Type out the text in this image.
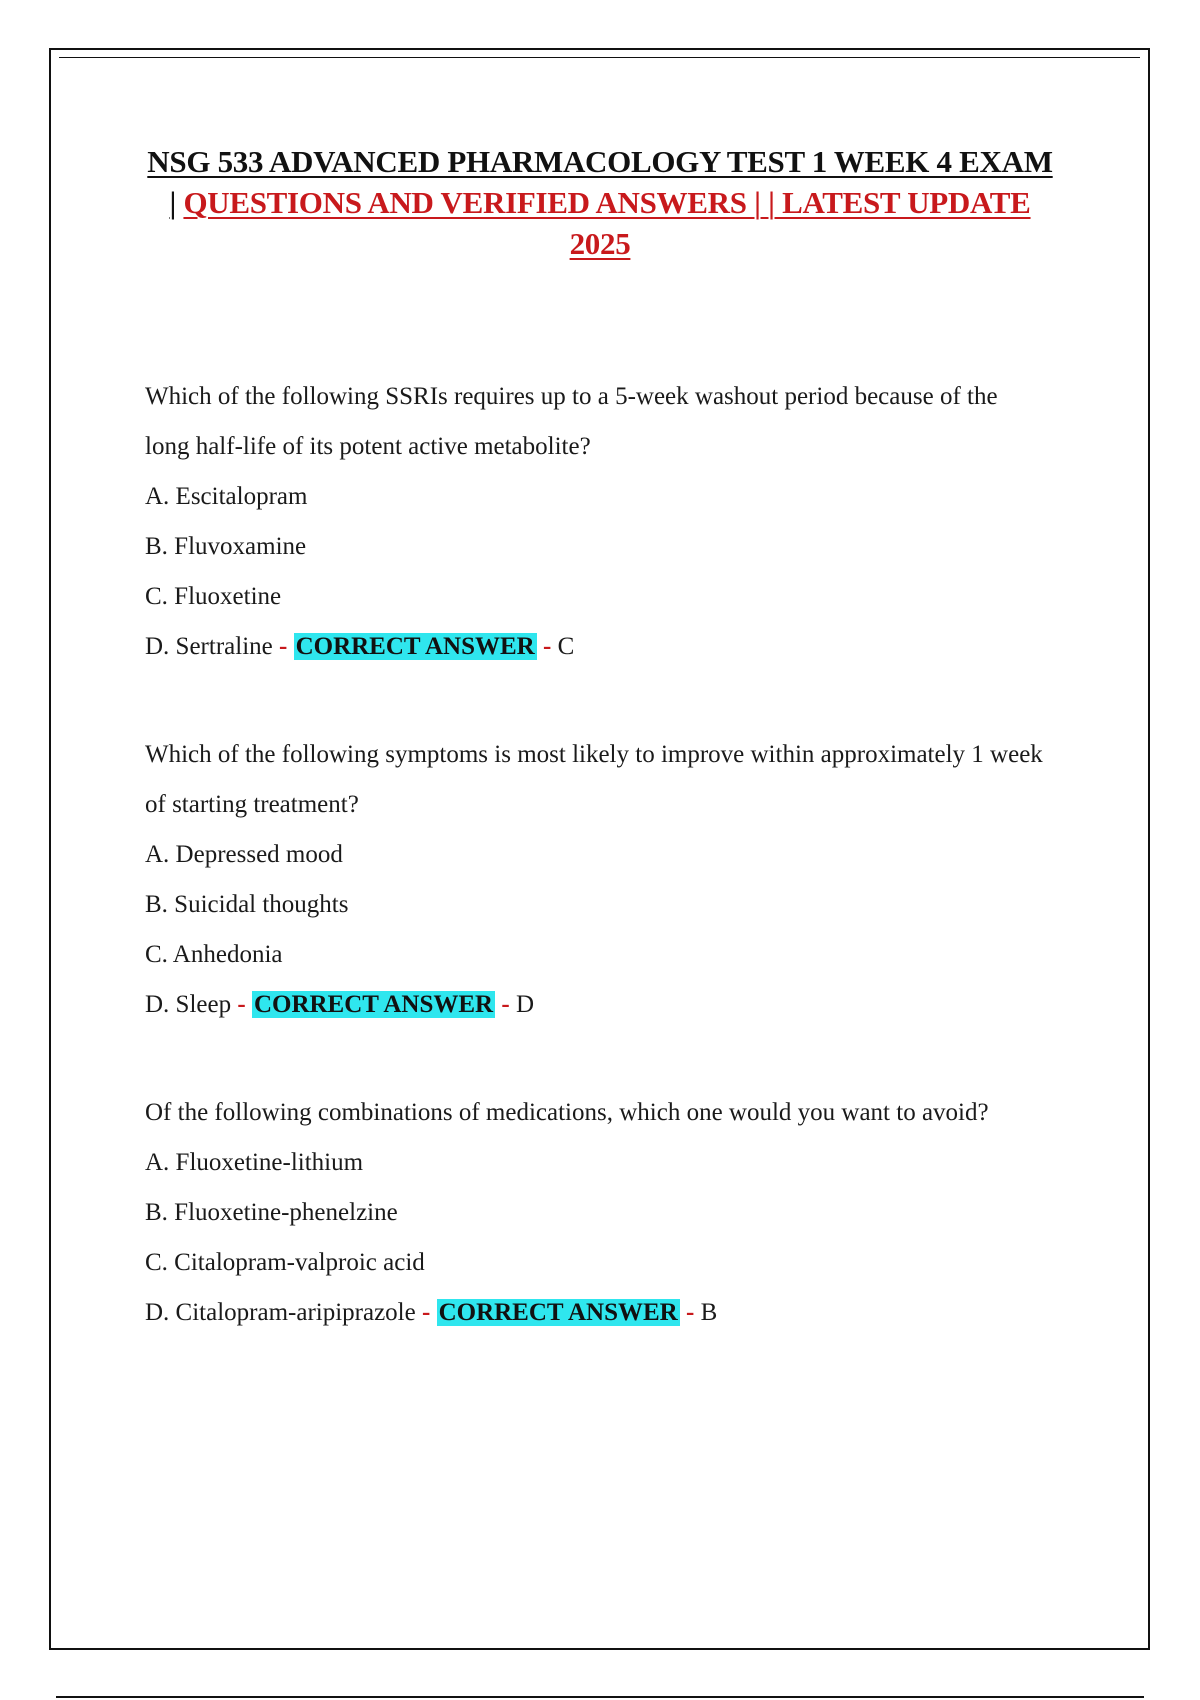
NSG 533 ADVANCED PHARMACOLOGY TEST 1 WEEK 4 EXAM | QUESTIONS AND VERIFIED ANSWERS | | LATEST UPDATE 2025

Which of the following SSRIs requires up to a 5-week washout period because of the

long half-life of its potent active metabolite?

A. Escitalopram

B. Fluvoxamine

C. Fluoxetine

D. Sertraline - CORRECT ANSWER - C

Which of the following symptoms is most likely to improve within approximately 1 week

of starting treatment?

A. Depressed mood

B. Suicidal thoughts

C. Anhedonia

D. Sleep - CORRECT ANSWER - D

Of the following combinations of medications, which one would you want to avoid?

A. Fluoxetine-lithium

B. Fluoxetine-phenelzine

C. Citalopram-valproic acid

D. Citalopram-aripiprazole - CORRECT ANSWER - B
